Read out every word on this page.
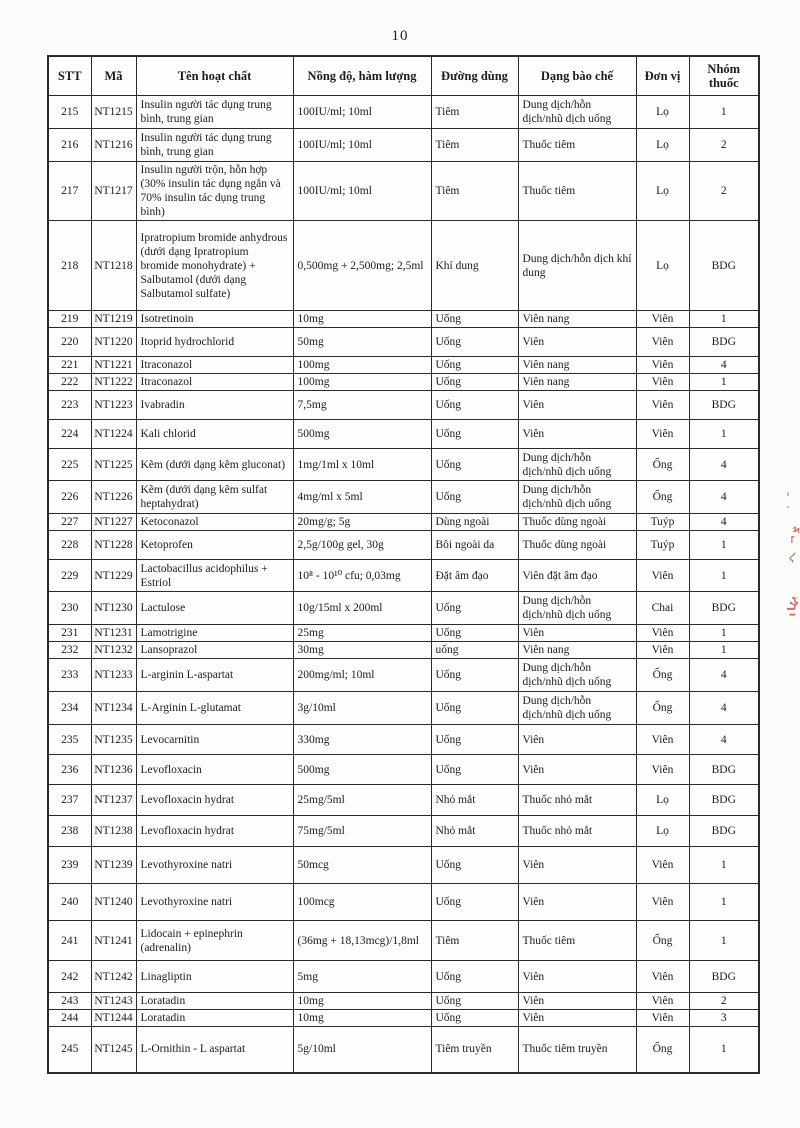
10
STT	Mã	Tên hoạt chất	Nồng độ, hàm lượng	Đường dùng	Dạng bào chế	Đơn vị	Nhóm thuốc
215	NT1215	Insulin người tác dụng trung bình, trung gian	100IU/ml; 10ml	Tiêm	Dung dịch/hỗn dịch/nhũ dịch uống	Lọ	1
216	NT1216	Insulin người tác dụng trung bình, trung gian	100IU/ml; 10ml	Tiêm	Thuốc tiêm	Lọ	2
217	NT1217	Insulin người trộn, hỗn hợp (30% insulin tác dụng ngắn và 70% insulin tác dụng trung bình)	100IU/ml; 10ml	Tiêm	Thuốc tiêm	Lọ	2
218	NT1218	Ipratropium bromide anhydrous (dưới dạng Ipratropium bromide monohydrate) + Salbutamol (dưới dạng Salbutamol sulfate)	0,500mg + 2,500mg; 2,5ml	Khí dung	Dung dịch/hỗn dịch khí dung	Lọ	BDG
219	NT1219	Isotretinoin	10mg	Uống	Viên nang	Viên	1
220	NT1220	Itoprid hydrochlorid	50mg	Uống	Viên	Viên	BDG
221	NT1221	Itraconazol	100mg	Uống	Viên nang	Viên	4
222	NT1222	Itraconazol	100mg	Uống	Viên nang	Viên	1
223	NT1223	Ivabradin	7,5mg	Uống	Viên	Viên	BDG
224	NT1224	Kali chlorid	500mg	Uống	Viên	Viên	1
225	NT1225	Kẽm (dưới dạng kẽm gluconat)	1mg/1ml x 10ml	Uống	Dung dịch/hỗn dịch/nhũ dịch uống	Ống	4
226	NT1226	Kẽm (dưới dạng kẽm sulfat heptahydrat)	4mg/ml x 5ml	Uống	Dung dịch/hỗn dịch/nhũ dịch uống	Ống	4
227	NT1227	Ketoconazol	20mg/g; 5g	Dùng ngoài	Thuốc dùng ngoài	Tuýp	4
228	NT1228	Ketoprofen	2,5g/100g gel, 30g	Bôi ngoài da	Thuốc dùng ngoài	Tuýp	1
229	NT1229	Lactobacillus acidophilus + Estriol	10⁸ - 10¹⁰ cfu; 0,03mg	Đặt âm đạo	Viên đặt âm đạo	Viên	1
230	NT1230	Lactulose	10g/15ml x 200ml	Uống	Dung dịch/hỗn dịch/nhũ dịch uống	Chai	BDG
231	NT1231	Lamotrigine	25mg	Uống	Viên	Viên	1
232	NT1232	Lansoprazol	30mg	uống	Viên nang	Viên	1
233	NT1233	L-arginin L-aspartat	200mg/ml; 10ml	Uống	Dung dịch/hỗn dịch/nhũ dịch uống	Ống	4
234	NT1234	L-Arginin L-glutamat	3g/10ml	Uống	Dung dịch/hỗn dịch/nhũ dịch uống	Ống	4
235	NT1235	Levocarnitin	330mg	Uống	Viên	Viên	4
236	NT1236	Levofloxacin	500mg	Uống	Viên	Viên	BDG
237	NT1237	Levofloxacin hydrat	25mg/5ml	Nhỏ mắt	Thuốc nhỏ mắt	Lọ	BDG
238	NT1238	Levofloxacin hydrat	75mg/5ml	Nhỏ mắt	Thuốc nhỏ mắt	Lọ	BDG
239	NT1239	Levothyroxine natri	50mcg	Uống	Viên	Viên	1
240	NT1240	Levothyroxine natri	100mcg	Uống	Viên	Viên	1
241	NT1241	Lidocain + epinephrin (adrenalin)	(36mg + 18,13mcg)/1,8ml	Tiêm	Thuốc tiêm	Ống	1
242	NT1242	Linagliptin	5mg	Uống	Viên	Viên	BDG
243	NT1243	Loratadin	10mg	Uống	Viên	Viên	2
244	NT1244	Loratadin	10mg	Uống	Viên	Viên	3
245	NT1245	L-Ornithin - L aspartat	5g/10ml	Tiêm truyền	Thuốc tiêm truyền	Ống	1
ʹ ˝
ヘ ¬ܨ
ıیۂا
